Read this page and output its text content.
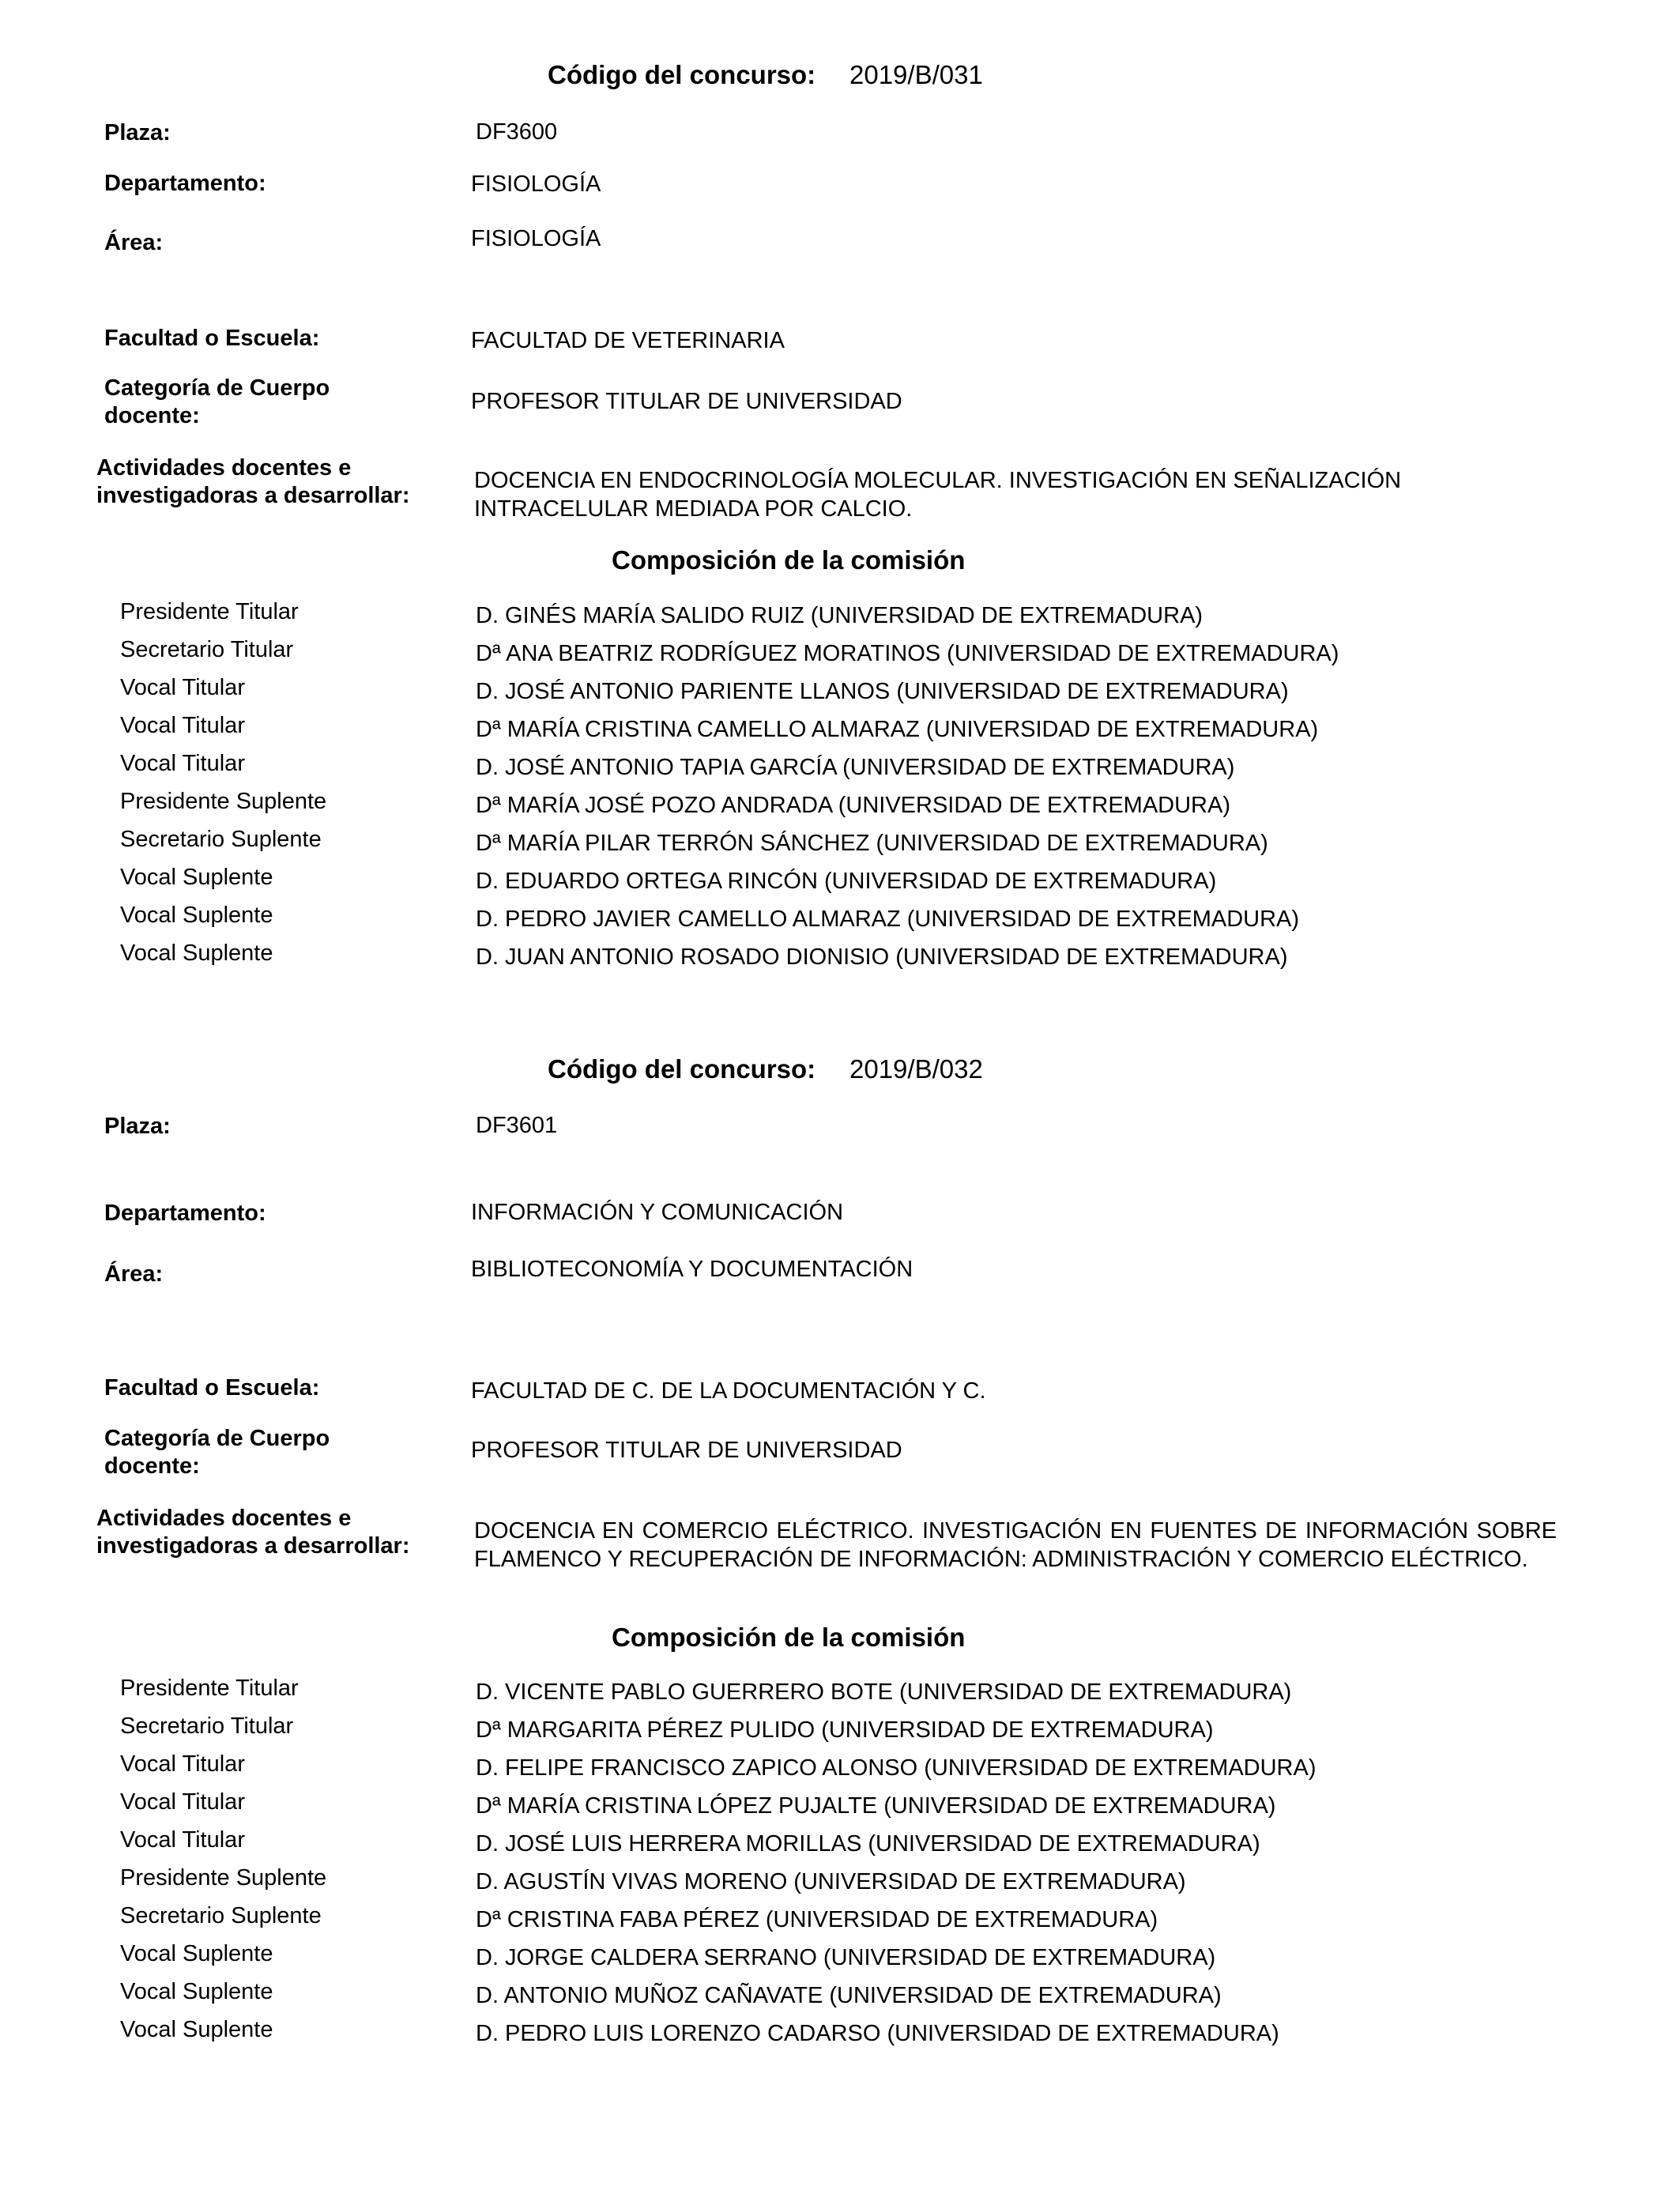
Código del concurso: 2019/B/031
Plaza:	DF3600
Departamento:	FISIOLOGÍA
Área:	FISIOLOGÍA
Facultad o Escuela:	FACULTAD DE VETERINARIA
Categoría de Cuerpo docente:
PROFESOR TITULAR DE UNIVERSIDAD
Actividades docentes e investigadoras a desarrollar:
DOCENCIA EN ENDOCRINOLOGÍA MOLECULAR. INVESTIGACIÓN EN SEÑALIZACIÓN INTRACELULAR MEDIADA POR CALCIO.
Composición de la comisión
Presidente Titular	D. GINÉS MARÍA SALIDO RUIZ (UNIVERSIDAD DE EXTREMADURA)
Secretario Titular	Dª ANA BEATRIZ RODRÍGUEZ MORATINOS (UNIVERSIDAD DE EXTREMADURA)
Vocal Titular	D. JOSÉ ANTONIO PARIENTE LLANOS (UNIVERSIDAD DE EXTREMADURA)
Vocal Titular	Dª MARÍA CRISTINA CAMELLO ALMARAZ (UNIVERSIDAD DE EXTREMADURA)
Vocal Titular	D. JOSÉ ANTONIO TAPIA GARCÍA (UNIVERSIDAD DE EXTREMADURA)
Presidente Suplente	Dª MARÍA JOSÉ POZO ANDRADA (UNIVERSIDAD DE EXTREMADURA)
Secretario Suplente	Dª MARÍA PILAR TERRÓN SÁNCHEZ (UNIVERSIDAD DE EXTREMADURA)
Vocal Suplente	D. EDUARDO ORTEGA RINCÓN (UNIVERSIDAD DE EXTREMADURA)
Vocal Suplente	D. PEDRO JAVIER CAMELLO ALMARAZ (UNIVERSIDAD DE EXTREMADURA)
Vocal Suplente	D. JUAN ANTONIO ROSADO DIONISIO (UNIVERSIDAD DE EXTREMADURA)
Código del concurso: 2019/B/032
Plaza:	DF3601
Departamento:	INFORMACIÓN Y COMUNICACIÓN
Área:	BIBLIOTECONOMÍA Y DOCUMENTACIÓN
Facultad o Escuela:	FACULTAD DE C. DE LA DOCUMENTACIÓN Y C.
Categoría de Cuerpo docente:
PROFESOR TITULAR DE UNIVERSIDAD
Actividades docentes e investigadoras a desarrollar:
DOCENCIA EN COMERCIO ELÉCTRICO. INVESTIGACIÓN EN FUENTES DE INFORMACIÓN SOBRE FLAMENCO Y RECUPERACIÓN DE INFORMACIÓN: ADMINISTRACIÓN Y COMERCIO ELÉCTRICO.
Composición de la comisión
Presidente Titular	D. VICENTE PABLO GUERRERO BOTE (UNIVERSIDAD DE EXTREMADURA)
Secretario Titular	Dª MARGARITA PÉREZ PULIDO (UNIVERSIDAD DE EXTREMADURA)
Vocal Titular	D. FELIPE FRANCISCO ZAPICO ALONSO (UNIVERSIDAD DE EXTREMADURA)
Vocal Titular	Dª MARÍA CRISTINA LÓPEZ PUJALTE (UNIVERSIDAD DE EXTREMADURA)
Vocal Titular	D. JOSÉ LUIS HERRERA MORILLAS (UNIVERSIDAD DE EXTREMADURA)
Presidente Suplente	D. AGUSTÍN VIVAS MORENO (UNIVERSIDAD DE EXTREMADURA)
Secretario Suplente	Dª CRISTINA FABA PÉREZ (UNIVERSIDAD DE EXTREMADURA)
Vocal Suplente	D. JORGE CALDERA SERRANO (UNIVERSIDAD DE EXTREMADURA)
Vocal Suplente	D. ANTONIO MUÑOZ CAÑAVATE (UNIVERSIDAD DE EXTREMADURA)
Vocal Suplente	D. PEDRO LUIS LORENZO CADARSO (UNIVERSIDAD DE EXTREMADURA)
